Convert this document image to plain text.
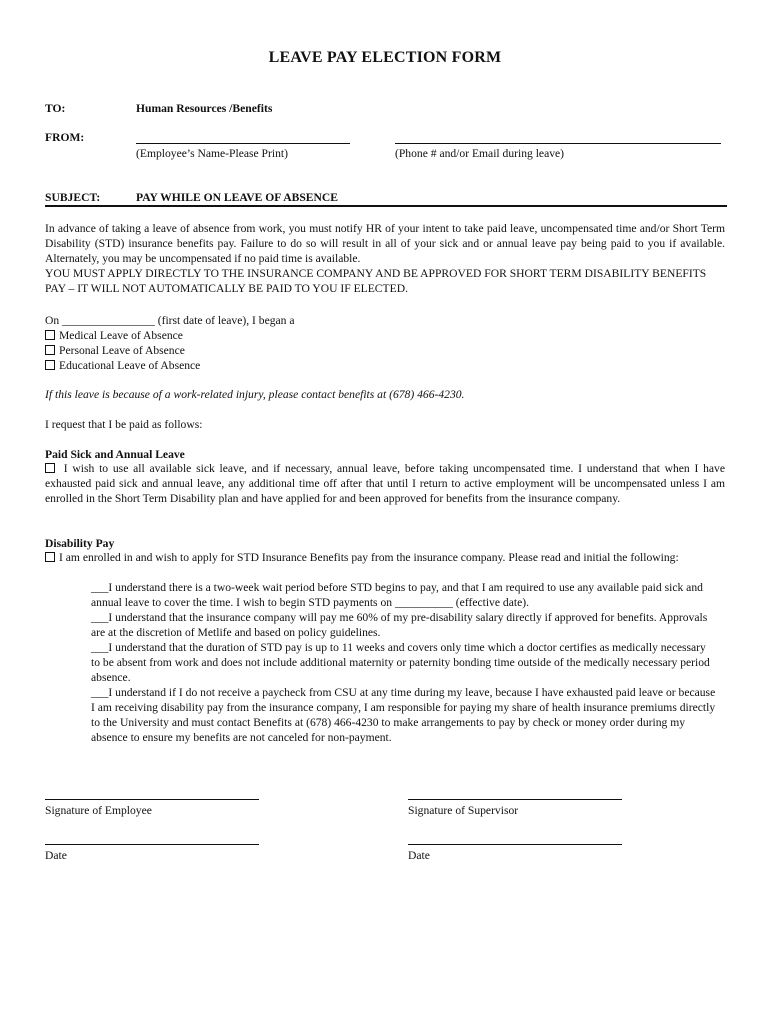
LEAVE PAY ELECTION FORM
TO:	Human Resources /Benefits
FROM:
(Employee’s Name-Please Print)	(Phone # and/or Email during leave)
SUBJECT:	PAY WHILE ON LEAVE OF ABSENCE

In advance of taking a leave of absence from work, you must notify HR of your intent to take paid leave, uncompensated time and/or Short Term Disability (STD) insurance benefits pay. Failure to do so will result in all of your sick and or annual leave pay being paid to you if available. Alternately, you may be uncompensated if no paid time is available.

YOU MUST APPLY DIRECTLY TO THE INSURANCE COMPANY AND BE APPROVED FOR SHORT TERM DISABILITY BENEFITS PAY – IT WILL NOT AUTOMATICALLY BE PAID TO YOU IF ELECTED.

On ________________ (first date of leave), I began a
Medical Leave of Absence
Personal Leave of Absence
Educational Leave of Absence
If this leave is because of a work-related injury, please contact benefits at (678) 466-4230.
I request that I be paid as follows:
Paid Sick and Annual Leave
I wish to use all available sick leave, and if necessary, annual leave, before taking uncompensated time. I understand that when I have exhausted paid sick and annual leave, any additional time off after that until I return to active employment will be uncompensated unless I am enrolled in the Short Term Disability plan and have applied for and been approved for benefits from the insurance company.
Disability Pay
I am enrolled in and wish to apply for STD Insurance Benefits pay from the insurance company. Please read and initial the following:
___I understand there is a two-week wait period before STD begins to pay, and that I am required to use any available paid sick and annual leave to cover the time. I wish to begin STD payments on __________ (effective date).
___I understand that the insurance company will pay me 60% of my pre-disability salary directly if approved for benefits. Approvals are at the discretion of Metlife and based on policy guidelines.
___I understand that the duration of STD pay is up to 11 weeks and covers only time which a doctor certifies as medically necessary to be absent from work and does not include additional maternity or paternity bonding time outside of the medically necessary period absence.
___I understand if I do not receive a paycheck from CSU at any time during my leave, because I have exhausted paid leave or because I am receiving disability pay from the insurance company, I am responsible for paying my share of health insurance premiums directly to the University and must contact Benefits at (678) 466-4230 to make arrangements to pay by check or money order during my absence to ensure my benefits are not canceled for non-payment.
Signature of Employee	Signature of Supervisor
Date	Date
